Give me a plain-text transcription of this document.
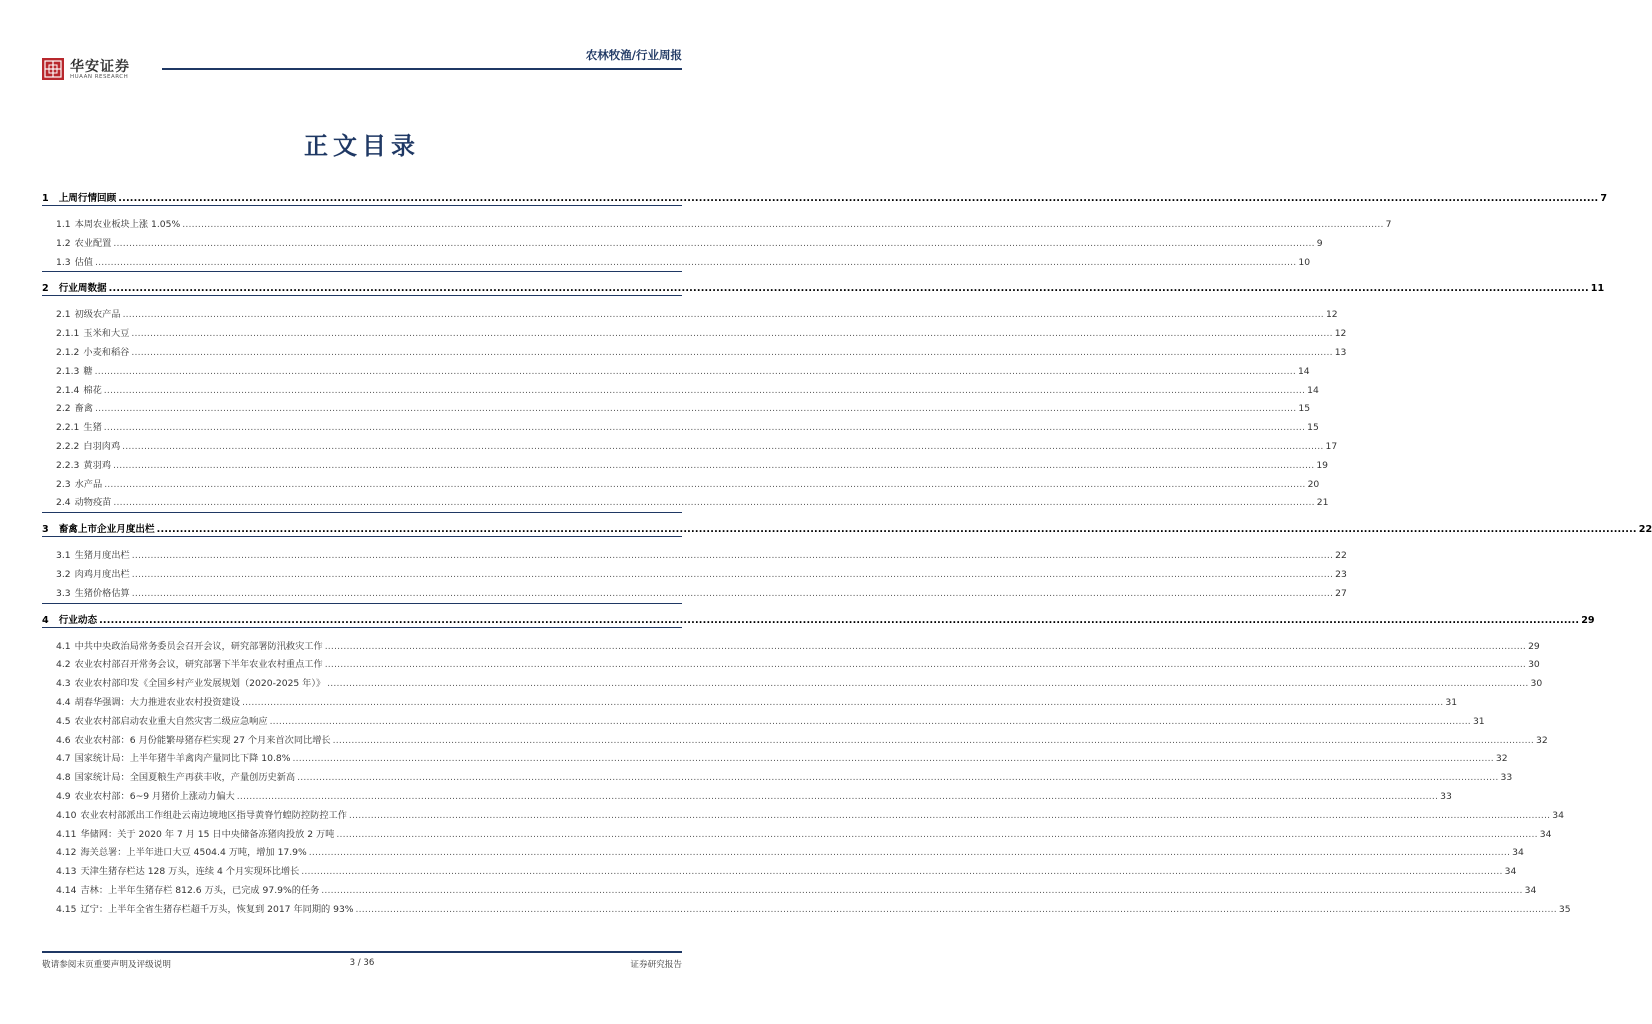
华安证券
HUAAN RESEARCH
农林牧渔/行业周报
正文目录
1 上周行情回顾 .....	7
1.1 本周农业板块上涨 1.05% .....	7
1.2 农业配置 .....	9
1.3 估值 .....	10
2 行业周数据 .....	11
2.1 初级农产品 .....	12
2.1.1 玉米和大豆 .....	12
2.1.2 小麦和稻谷 .....	13
2.1.3 糖 .....	14
2.1.4 棉花 .....	14
2.2 畜禽 .....	15
2.2.1 生猪 .....	15
2.2.2 白羽肉鸡 .....	17
2.2.3 黄羽鸡 .....	19
2.3 水产品 .....	20
2.4 动物疫苗 .....	21
3 畜禽上市企业月度出栏 .....	22
3.1 生猪月度出栏 .....	22
3.2 肉鸡月度出栏 .....	23
3.3 生猪价格估算 .....	27
4 行业动态 .....	29
4.1 中共中央政治局常务委员会召开会议，研究部署防汛救灾工作 .....	29
4.2 农业农村部召开常务会议，研究部署下半年农业农村重点工作 .....	30
4.3 农业农村部印发《全国乡村产业发展规划（2020-2025 年）》 .....	30
4.4 胡春华强调：大力推进农业农村投资建设 .....	31
4.5 农业农村部启动农业重大自然灾害二级应急响应 .....	31
4.6 农业农村部：6 月份能繁母猪存栏实现 27 个月来首次同比增长 .....	32
4.7 国家统计局：上半年猪牛羊禽肉产量同比下降 10.8% .....	32
4.8 国家统计局：全国夏粮生产再获丰收，产量创历史新高 .....	33
4.9 农业农村部：6~9 月猪价上涨动力偏大 .....	33
4.10 农业农村部派出工作组赴云南边境地区指导黄脊竹蝗防控防控工作 .....	34
4.11 华储网：关于 2020 年 7 月 15 日中央储备冻猪肉投放 2 万吨 .....	34
4.12 海关总署：上半年进口大豆 4504.4 万吨，增加 17.9% .....	34
4.13 天津生猪存栏达 128 万头，连续 4 个月实现环比增长 .....	34
4.14 吉林：上半年生猪存栏 812.6 万头，已完成 97.9%的任务 .....	34
4.15 辽宁：上半年全省生猪存栏超千万头，恢复到 2017 年同期的 93% .....	35
敬请参阅末页重要声明及评级说明	3 / 36	证券研究报告
